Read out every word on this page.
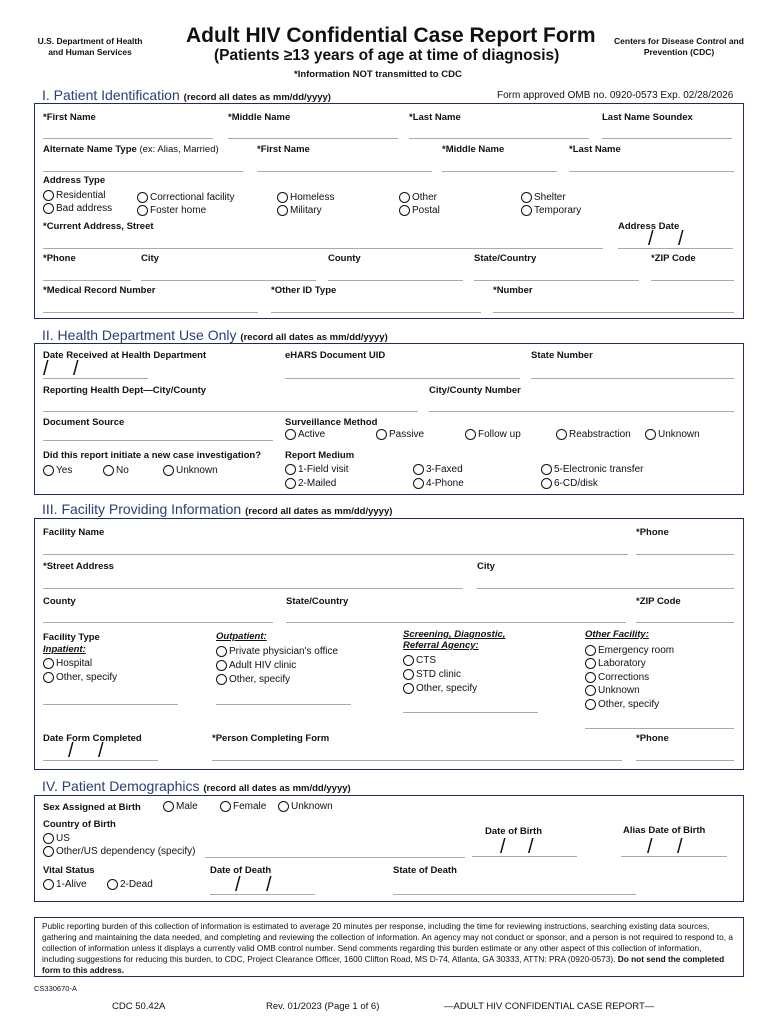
U.S. Department of Health and Human Services
Adult HIV Confidential Case Report Form
(Patients ≥13 years of age at time of diagnosis)
Centers for Disease Control and Prevention (CDC)
*Information NOT transmitted to CDC
I. Patient Identification (record all dates as mm/dd/yyyy)	Form approved OMB no. 0920-0573 Exp. 02/28/2026
*First Name	*Middle Name	*Last Name	Last Name Soundex
Alternate Name Type (ex: Alias, Married)	*First Name	*Middle Name	*Last Name
Address Type
Residential
Bad address
Correctional facility
Foster home
Homeless
Military
Other
Postal
Shelter
Temporary
*Current Address, Street	Address Date
/ /
*Phone	City	County	State/Country	*ZIP Code
*Medical Record Number	*Other ID Type	*Number
II. Health Department Use Only (record all dates as mm/dd/yyyy)
Date Received at Health Department	eHARS Document UID	State Number
/ /
Reporting Health Dept—City/County	City/County Number
Document Source	Surveillance Method
Active	Passive	Follow up	Reabstraction	Unknown
Did this report initiate a new case investigation?
Yes	No	Unknown
Report Medium
1-Field visit
2-Mailed
3-Faxed
4-Phone
5-Electronic transfer
6-CD/disk
III. Facility Providing Information (record all dates as mm/dd/yyyy)
Facility Name	*Phone
*Street Address	City
County	State/Country	*ZIP Code
Facility Type
Inpatient:
Hospital
Other, specify
Outpatient:
Private physician's office
Adult HIV clinic
Other, specify
Screening, Diagnostic, Referral Agency:
CTS
STD clinic
Other, specify
Other Facility:
Emergency room
Laboratory
Corrections
Unknown
Other, specify
Date Form Completed
/ /
*Person Completing Form	*Phone
IV. Patient Demographics (record all dates as mm/dd/yyyy)
Sex Assigned at Birth	Male	Female Unknown
Country of Birth
US
Other/US dependency (specify)
Date of Birth
/ /
Alias Date of Birth
/ /
Vital Status
1-Alive	2-Dead
Date of Death
/ /
State of Death
Public reporting burden of this collection of information is estimated to average 20 minutes per response, including the time for reviewing instructions, searching existing data sources, gathering and maintaining the data needed, and completing and reviewing the collection of information. An agency may not conduct or sponsor, and a person is not required to respond to, a collection of information unless it displays a currently valid OMB control number. Send comments regarding this burden estimate or any other aspect of this collection of information, including suggestions for reducing this burden, to CDC, Project Clearance Officer, 1600 Clifton Road, MS D-74, Atlanta, GA 30333, ATTN: PRA (0920-0573). Do not send the completed form to this address.
CS330670-A
CDC 50.42A	Rev. 01/2023 (Page 1 of 6)	—ADULT HIV CONFIDENTIAL CASE REPORT—
